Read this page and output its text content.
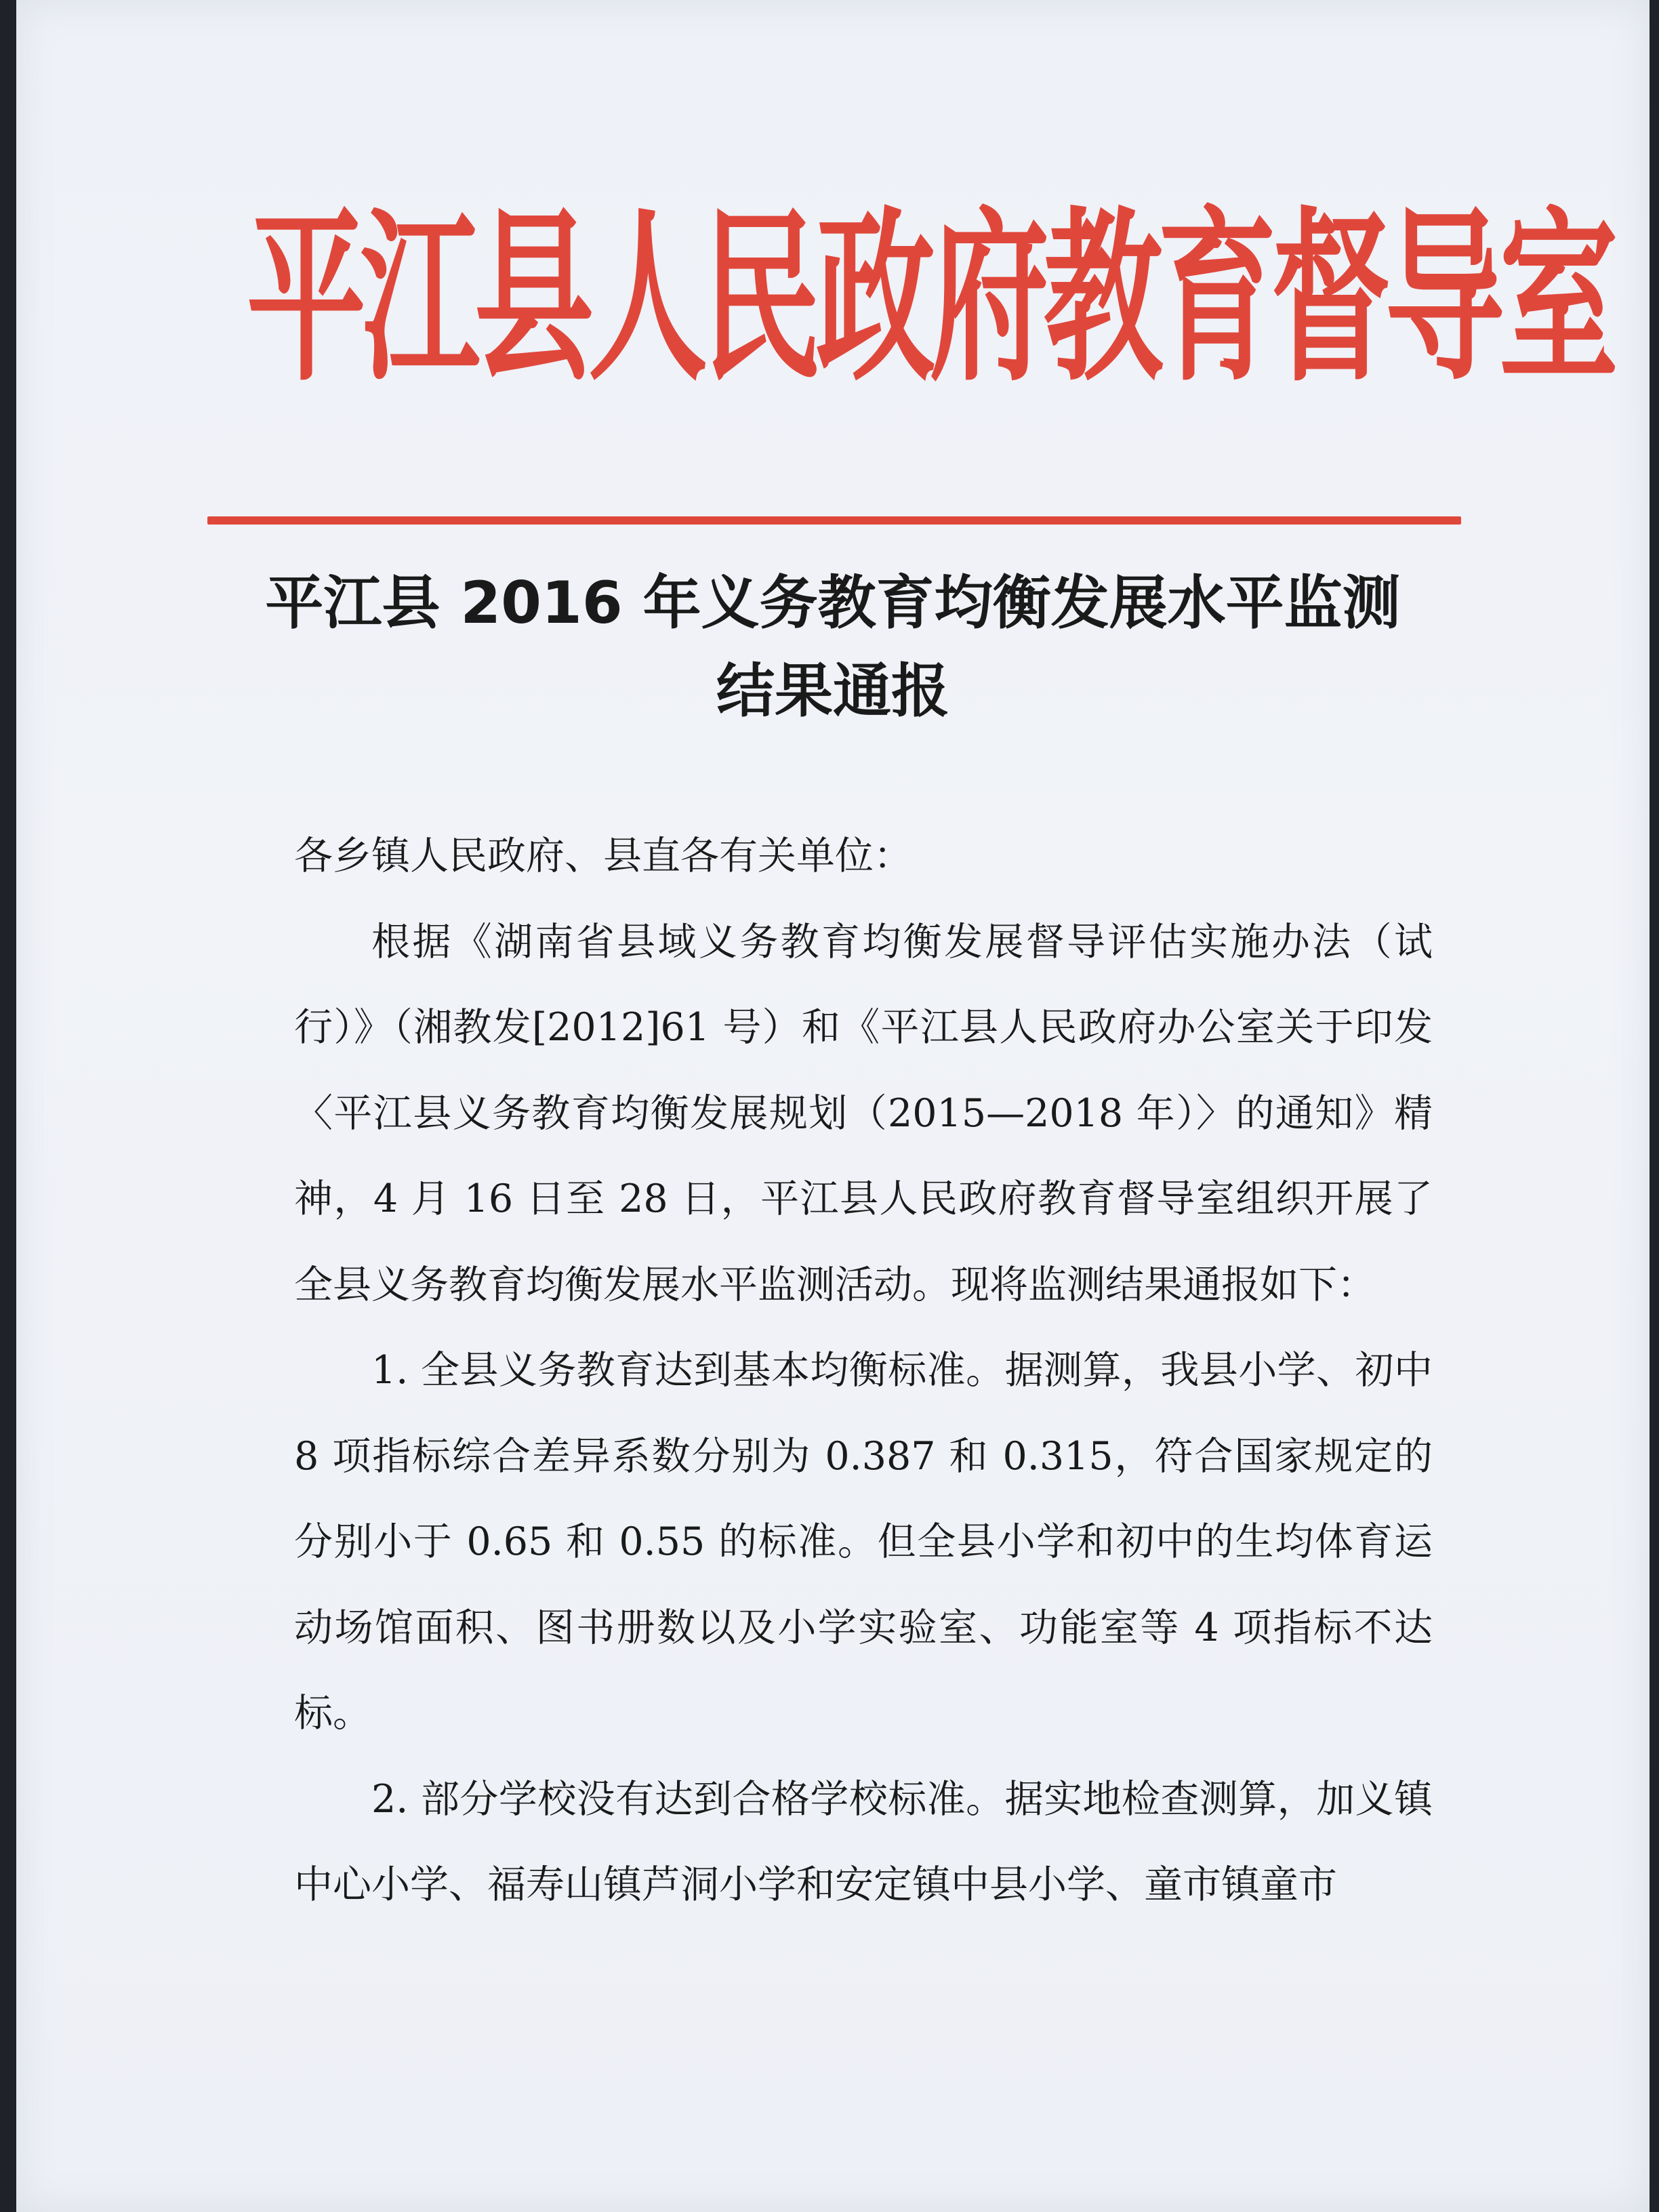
平江县人民政府教育督导室
平江县 2016 年义务教育均衡发展水平监测
结果通报

各乡镇人民政府、县直各有关单位：

根据《湖南省县域义务教育均衡发展督导评估实施办法（试行）》（湘教发[2012]61 号）和《平江县人民政府办公室关于印发〈平江县义务教育均衡发展规划（2015—2018 年）〉的通知》精神，4 月 16 日至 28 日，平江县人民政府教育督导室组织开展了全县义务教育均衡发展水平监测活动。现将监测结果通报如下：

1. 全县义务教育达到基本均衡标准。据测算，我县小学、初中 8 项指标综合差异系数分别为 0.387 和 0.315，符合国家规定的分别小于 0.65 和 0.55 的标准。但全县小学和初中的生均体育运动场馆面积、图书册数以及小学实验室、功能室等 4 项指标不达标。

2. 部分学校没有达到合格学校标准。据实地检查测算，加义镇中心小学、福寿山镇芦洞小学和安定镇中县小学、童市镇童市
